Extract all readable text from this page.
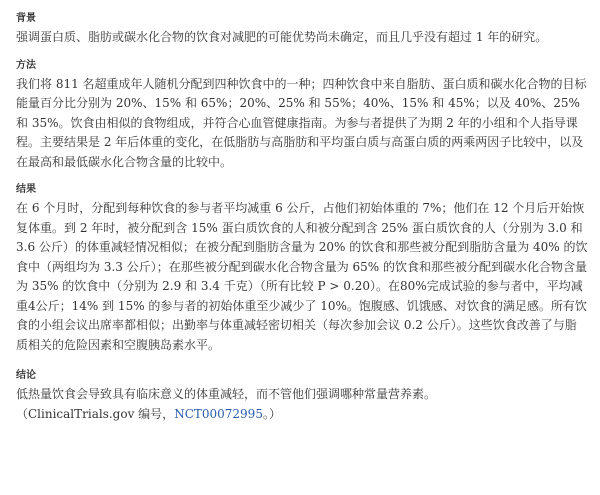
背景

强调蛋白质、脂肪或碳水化合物的饮食对减肥的可能优势尚未确定，而且几乎没有超过 1 年的研究。

方法

我们将 811 名超重成年人随机分配到四种饮食中的一种；四种饮食中来自脂肪、蛋白质和碳水化合物的目标能量百分比分别为 20%、15% 和 65%；20%、25% 和 55%；40%、15% 和 45%；以及 40%、25% 和 35%。饮食由相似的食物组成，并符合心血管健康指南。为参与者提供了为期 2 年的小组和个人指导课程。主要结果是 2 年后体重的变化，在低脂肪与高脂肪和平均蛋白质与高蛋白质的两乘两因子比较中，以及在最高和最低碳水化合物含量的比较中。

结果

在 6 个月时，分配到每种饮食的参与者平均减重 6 公斤，占他们初始体重的 7%；他们在 12 个月后开始恢复体重。到 2 年时，被分配到含 15% 蛋白质饮食的人和被分配到含 25% 蛋白质饮食的人（分别为 3.0 和 3.6 公斤）的体重减轻情况相似；在被分配到脂肪含量为 20% 的饮食和那些被分配到脂肪含量为 40% 的饮食中（两组均为 3.3 公斤）；在那些被分配到碳水化合物含量为 65% 的饮食和那些被分配到碳水化合物含量为 35% 的饮食中（分别为 2.9 和 3.4 千克）（所有比较 P > 0.20）。在80%完成试验的参与者中，平均减重4公斤；14% 到 15% 的参与者的初始体重至少减少了 10%。饱腹感、饥饿感、对饮食的满足感。所有饮食的小组会议出席率都相似；出勤率与体重减轻密切相关（每次参加会议 0.2 公斤）。这些饮食改善了与脂质相关的危险因素和空腹胰岛素水平。

结论

低热量饮食会导致具有临床意义的体重减轻，而不管他们强调哪种常量营养素。

（ClinicalTrials.gov 编号，NCT00072995。）
